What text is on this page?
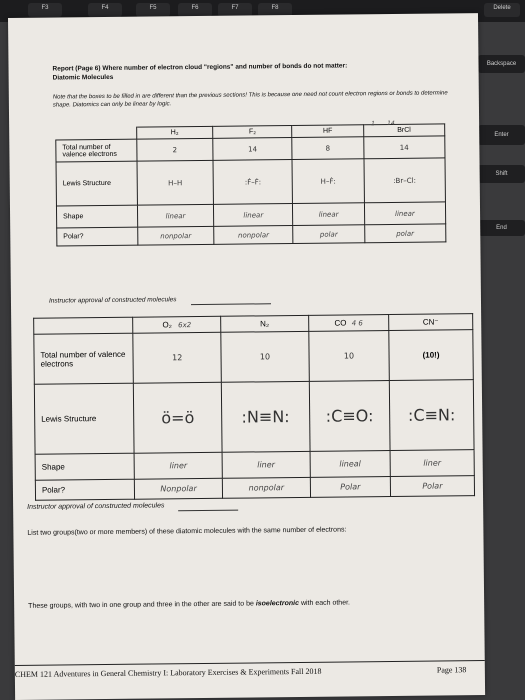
F3	F4	F5	F6	F7	F8	Delete
Backspace
Enter
Shift
End
Report (Page 6) Where number of electron cloud "regions" and number of bonds do not matter:
Diatomic Molecules
Note that the boxes to be filled in are different than the previous sections! This is because one need not count electron regions or bonds to determine shape. Diatomics can only be linear by logic.
	H₂	F₂	HF	BrCl
Total number of valence electrons	2	14	8	14
Lewis Structure	H–H	:Ḟ–Ḟ:	H–Ḟ:	:Br–Cl:
Shape	linear	linear	linear	linear
Polar?	nonpolar	nonpolar	polar	polar
1 14
Instructor approval of constructed molecules
	O₂ 6x2	N₂	CO 4 6	CN⁻
Total number of valence electrons	12	10	10	(10!)
Lewis Structure	ö=ö	:N≡N:	:C≡O:	:C≡N:
Shape	liner	liner	lineal	liner
Polar?	Nonpolar	nonpolar	Polar	Polar
Instructor approval of constructed molecules
List two groups(two or more members) of these diatomic molecules with the same number of electrons:
These groups, with two in one group and three in the other are said to be isoelectronic with each other.
CHEM 121 Adventures in General Chemistry I: Laboratory Exercises & Experiments Fall 2018	Page 138
